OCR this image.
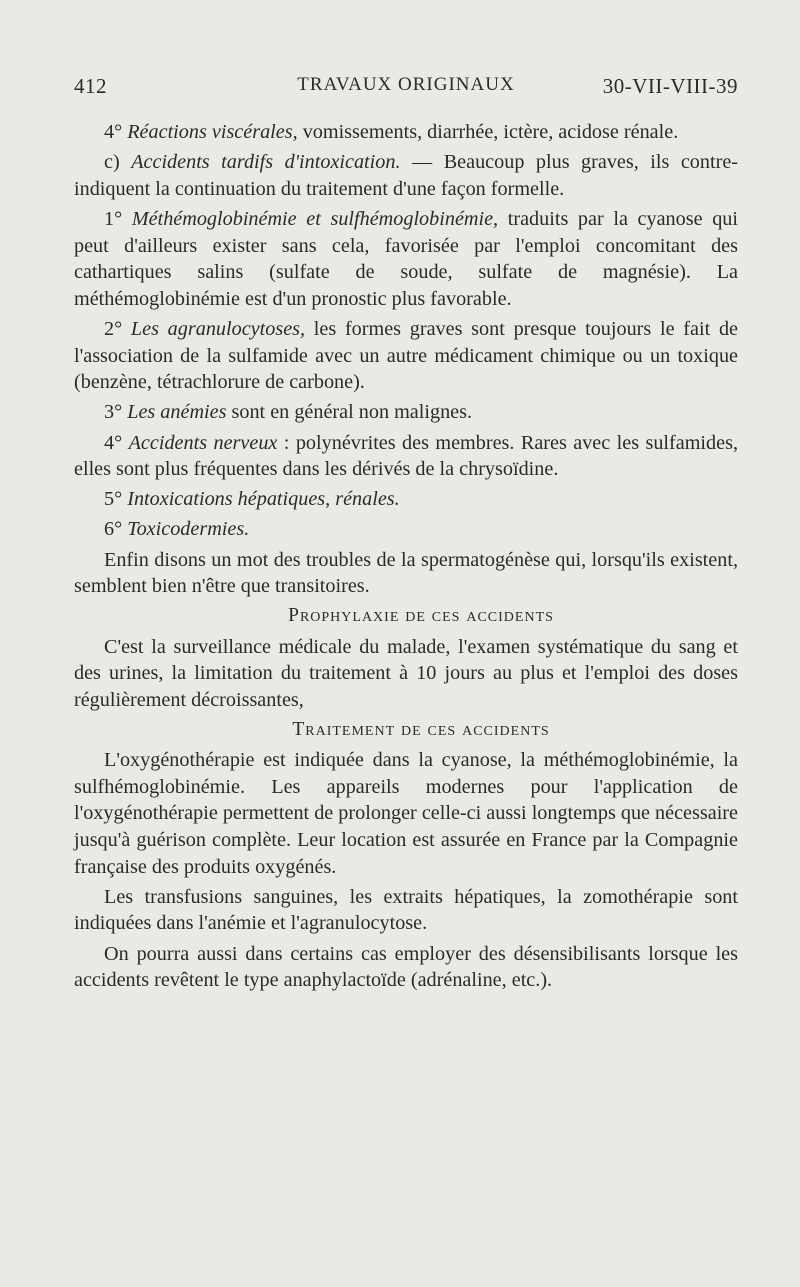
412	TRAVAUX ORIGINAUX	30-VII-VIII-39

4° Réactions viscérales, vomissements, diarrhée, ictère, acidose rénale.

c) Accidents tardifs d'intoxication. — Beaucoup plus graves, ils contre-indiquent la continuation du traitement d'une façon formelle.

1° Méthémoglobinémie et sulfhémoglobinémie, traduits par la cyanose qui peut d'ailleurs exister sans cela, favorisée par l'emploi concomitant des cathartiques salins (sulfate de soude, sulfate de magnésie). La méthémoglobinémie est d'un pronostic plus favorable.

2° Les agranulocytoses, les formes graves sont presque toujours le fait de l'association de la sulfamide avec un autre médicament chimique ou un toxique (benzène, tétrachlorure de carbone).

3° Les anémies sont en général non malignes.

4° Accidents nerveux : polynévrites des membres. Rares avec les sulfamides, elles sont plus fréquentes dans les dérivés de la chrysoïdine.

5° Intoxications hépatiques, rénales.

6° Toxicodermies.

Enfin disons un mot des troubles de la spermatogénèse qui, lorsqu'ils existent, semblent bien n'être que transitoires.

Prophylaxie de ces accidents

C'est la surveillance médicale du malade, l'examen systématique du sang et des urines, la limitation du traitement à 10 jours au plus et l'emploi des doses régulièrement décroissantes,

Traitement de ces accidents

L'oxygénothérapie est indiquée dans la cyanose, la méthémoglobinémie, la sulfhémoglobinémie. Les appareils modernes pour l'application de l'oxygénothérapie permettent de prolonger celle-ci aussi longtemps que nécessaire jusqu'à guérison complète. Leur location est assurée en France par la Compagnie française des produits oxygénés.

Les transfusions sanguines, les extraits hépatiques, la zomothérapie sont indiquées dans l'anémie et l'agranulocytose.

On pourra aussi dans certains cas employer des désensibilisants lorsque les accidents revêtent le type anaphylactoïde (adrénaline, etc.).
